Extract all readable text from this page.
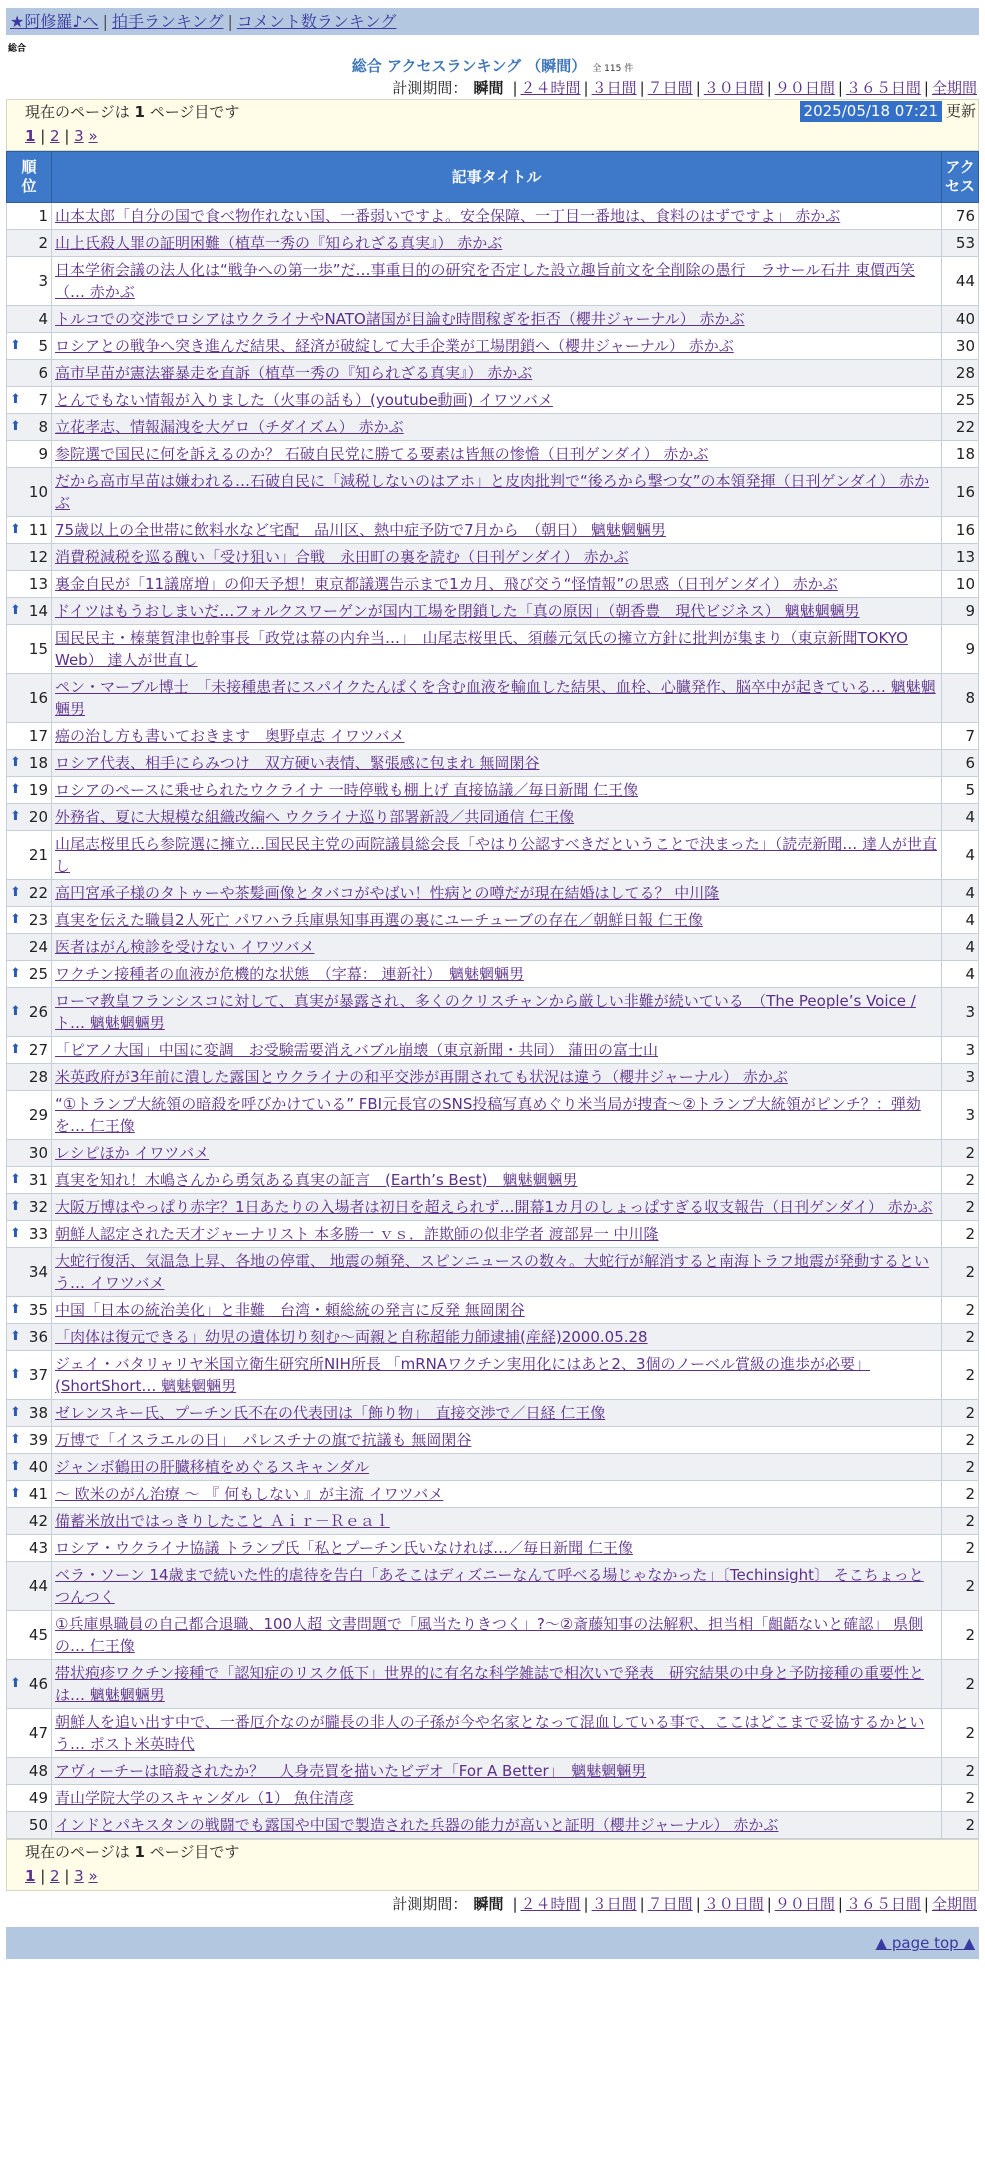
★阿修羅♪へ | 拍手ランキング | コメント数ランキング
総合
総合 アクセスランキング （瞬間） 全 115 件
計測期間： 瞬間 | ２４時間 | ３日間 | ７日間 | ３０日間 | ９０日間 | ３６５日間 | 全期間
現在のページは 1 ページ目です
1 | 2 | 3 »
2025/05/18 07:21 更新
順
位	記事タイトル	アク
セス
1	山本太郎「自分の国で食べ物作れない国、一番弱いですよ。安全保障、一丁目一番地は、食料のはずですよ」 赤かぶ	76
2	山上氏殺人罪の証明困難（植草一秀の『知られざる真実』） 赤かぶ	53
3	日本学術会議の法人化は“戦争への第一歩”だ…事重目的の研究を否定した設立趣旨前文を全削除の愚行　ラサール石井 東價西笑（… 赤かぶ	44
4	トルコでの交渉でロシアはウクライナやNATO諸国が目論む時間稼ぎを拒否（櫻井ジャーナル） 赤かぶ	40

⬆ 5	ロシアとの戦争へ突き進んだ結果、経済が破綻して大手企業が工場閉鎖へ（櫻井ジャーナル） 赤かぶ	30
6	高市早苗が憲法審暴走を直訴（植草一秀の『知られざる真実』） 赤かぶ	28

⬆ 7	とんでもない情報が入りました（火事の話も）(youtube動画) イワツバメ	25

⬆ 8	立花孝志、情報漏洩を大ゲロ（チダイズム） 赤かぶ	22
9	参院選で国民に何を訴えるのか？ 石破自民党に勝てる要素は皆無の惨憺（日刊ゲンダイ） 赤かぶ	18
10	だから高市早苗は嫌われる…石破自民に「減税しないのはアホ」と皮肉批判で“後ろから撃つ女”の本領発揮（日刊ゲンダイ） 赤かぶ	16

⬆ 11	75歳以上の全世帯に飲料水など宅配　品川区、熱中症予防で7月から　（朝日） 魑魅魍魎男	16
12	消費税減税を巡る醜い「受け狙い」合戦　永田町の裏を読む（日刊ゲンダイ） 赤かぶ	13
13	裏金自民が「11議席増」の仰天予想！東京都議選告示まで1カ月、飛び交う“怪情報”の思惑（日刊ゲンダイ） 赤かぶ	10

⬆ 14	ドイツはもうおしまいだ…フォルクスワーゲンが国内工場を閉鎖した「真の原因」（朝香豊　現代ビジネス） 魑魅魍魎男	9
15	国民民主・榛葉賀津也幹事長「政党は幕の内弁当…」　山尾志桜里氏、須藤元気氏の擁立方針に批判が集まり（東京新聞TOKYO Web） 達人が世直し	9
16	ペン・マーブル博士　「未接種患者にスパイクたんぱくを含む血液を輸血した結果、血栓、心臓発作、脳卒中が起きている… 魑魅魍魎男	8
17	癌の治し方も書いておきます　奥野卓志 イワツバメ	7

⬆ 18	ロシア代表、相手にらみつけ　双方硬い表情、緊張感に包まれ 無岡閑谷	6

⬆ 19	ロシアのペースに乗せられたウクライナ 一時停戦も棚上げ 直接協議／毎日新聞 仁王像	5

⬆ 20	外務省、夏に大規模な組織改編へ ウクライナ巡り部署新設／共同通信 仁王像	4
21	山尾志桜里氏ら参院選に擁立…国民民主党の両院議員総会長「やはり公認すべきだということで決まった」（読売新聞… 達人が世直し	4

⬆ 22	高円宮承子様のタトゥーや茶髪画像とタバコがやばい！性病との噂だが現在結婚はしてる？ 中川隆	4

⬆ 23	真実を伝えた職員2人死亡 パワハラ兵庫県知事再選の裏にユーチューブの存在／朝鮮日報 仁王像	4
24	医者はがん検診を受けない イワツバメ	4

⬆ 25	ワクチン接種者の血液が危機的な状態　（字幕： 連新社）　魑魅魍魎男	4

⬆ 26	ローマ教皇フランシスコに対して、真実が暴露され、多くのクリスチャンから厳しい非難が続いている　（The People’s Voice / ト… 魑魅魍魎男	3

⬆ 27	「ピアノ大国」中国に変調　お受験需要消えバブル崩壊（東京新聞・共同） 蒲田の富士山	3
28	米英政府が3年前に潰した露国とウクライナの和平交渉が再開されても状況は違う（櫻井ジャーナル） 赤かぶ	3
29	“①トランプ大統領の暗殺を呼びかけている” FBI元長官のSNS投稿写真めぐり米当局が捜査〜②トランプ大統領がピンチ？：弾劾を… 仁王像	3
30	レシピほか イワツバメ	2

⬆ 31	真実を知れ！木嶋さんから勇気ある真実の証言　(Earth’s Best)　魑魅魍魎男	2

⬆ 32	大阪万博はやっぱり赤字？1日あたりの入場者は初日を超えられず…開幕1カ月のしょっぱすぎる収支報告（日刊ゲンダイ） 赤かぶ	2

⬆ 33	朝鮮人認定された天才ジャーナリスト 本多勝一 ｖｓ．詐欺師の似非学者 渡部昇一 中川隆	2
34	大蛇行復活、気温急上昇、各地の停電、 地震の頻発、スピンニュースの数々。大蛇行が解消すると南海トラフ地震が発動するという… イワツバメ	2

⬆ 35	中国「日本の統治美化」と非難　台湾・頼総統の発言に反発 無岡閑谷	2

⬆ 36	「肉体は復元できる」幼児の遺体切り刻む〜両親と自称超能力師逮捕(産経)2000.05.28	2

⬆ 37	ジェイ・バタリャリヤ米国立衛生研究所NIH所長 「mRNAワクチン実用化にはあと2、3個のノーベル賞級の進歩が必要」(ShortShort… 魑魅魍魎男	2

⬆ 38	ゼレンスキー氏、プーチン氏不在の代表団は「飾り物」　直接交渉で／日経 仁王像	2

⬆ 39	万博で「イスラエルの日」　パレスチナの旗で抗議も 無岡閑谷	2

⬆ 40	ジャンボ鶴田の肝臓移植をめぐるスキャンダル	2

⬆ 41	〜 欧米のがん治療 〜 『 何もしない 』が主流 イワツバメ	2
42	備蓄米放出ではっきりしたこと Ａｉｒ－Ｒｅａｌ	2
43	ロシア・ウクライナ協議 トランプ氏「私とプーチン氏いなければ…／毎日新聞 仁王像	2
44	ベラ・ソーン 14歳まで続いた性的虐待を告白「あそこはディズニーなんて呼べる場じゃなかった」〔Techinsight〕 そこちょっとつんつく	2
45	①兵庫県職員の自己都合退職、100人超 文書問題で「風当たりきつく」?〜②斎藤知事の法解釈、担当相「齟齬ないと確認」 県側の… 仁王像	2

⬆ 46	帯状疱疹ワクチン接種で「認知症のリスク低下」世界的に有名な科学雑誌で相次いで発表　研究結果の中身と予防接種の重要性とは… 魑魅魍魎男	2
47	朝鮮人を追い出す中で、一番厄介なのが朧長の非人の子孫が今や名家となって混血している事で、ここはどこまで妥協するかという… ポスト米英時代	2
48	アヴィーチーは暗殺されたか？　人身売買を描いたビデオ「For A Better」　魑魅魍魎男	2
49	青山学院大学のスキャンダル（1） 魚住清彦	2
50	インドとパキスタンの戦闘でも露国や中国で製造された兵器の能力が高いと証明（櫻井ジャーナル） 赤かぶ	2
現在のページは 1 ページ目です
1 | 2 | 3 »
計測期間： 瞬間 | ２４時間 | ３日間 | ７日間 | ３０日間 | ９０日間 | ３６５日間 | 全期間
▲ page top ▲
